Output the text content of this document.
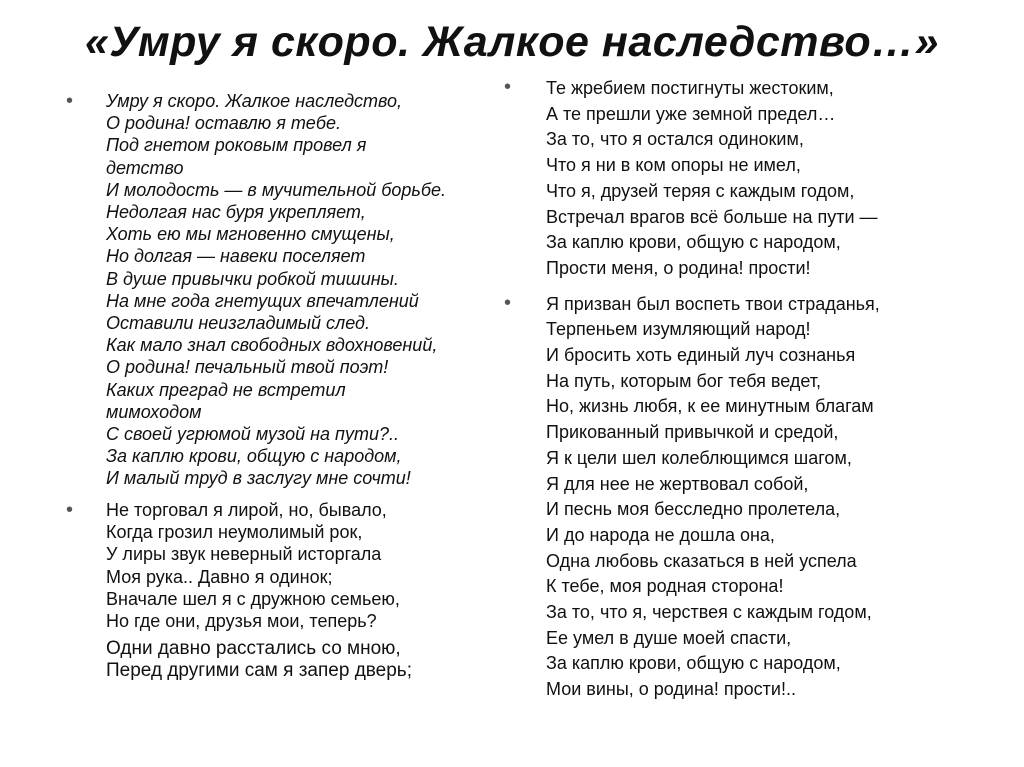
«Умру я скоро. Жалкое наследство…»
• Умру я скоро. Жалкое наследство,
О родина! оставлю я тебе.
Под гнетом роковым провел я
детство
И молодость — в мучительной борьбе.
Недолгая нас буря укрепляет,
Хоть ею мы мгновенно смущены,
Но долгая — навеки поселяет
В душе привычки робкой тишины.
На мне года гнетущих впечатлений
Оставили неизгладимый след.
Как мало знал свободных вдохновений,
О родина! печальный твой поэт!
Каких преград не встретил
мимоходом
С своей угрюмой музой на пути?..
За каплю крови, общую с народом,
И малый труд в заслугу мне сочти!
• Не торговал я лирой, но, бывало,
Когда грозил неумолимый рок,
У лиры звук неверный исторгала
Моя рука.. Давно я одинок;
Вначале шел я с дружною семьею,
Но где они, друзья мои, теперь?
Одни давно расстались со мною,
Перед другими сам я запер дверь;
• Те жребием постигнуты жестоким,
А те прешли уже земной предел…
За то, что я остался одиноким,
Что я ни в ком опоры не имел,
Что я, друзей теряя с каждым годом,
Встречал врагов всё больше на пути —
За каплю крови, общую с народом,
Прости меня, о родина! прости!
• Я призван был воспеть твои страданья,
Терпеньем изумляющий народ!
И бросить хоть единый луч сознанья
На путь, которым бог тебя ведет,
Но, жизнь любя, к ее минутным благам
Прикованный привычкой и средой,
Я к цели шел колеблющимся шагом,
Я для нее не жертвовал собой,
И песнь моя бесследно пролетела,
И до народа не дошла она,
Одна любовь сказаться в ней успела
К тебе, моя родная сторона!
За то, что я, черствея с каждым годом,
Ее умел в душе моей спасти,
За каплю крови, общую с народом,
Мои вины, о родина! прости!..
